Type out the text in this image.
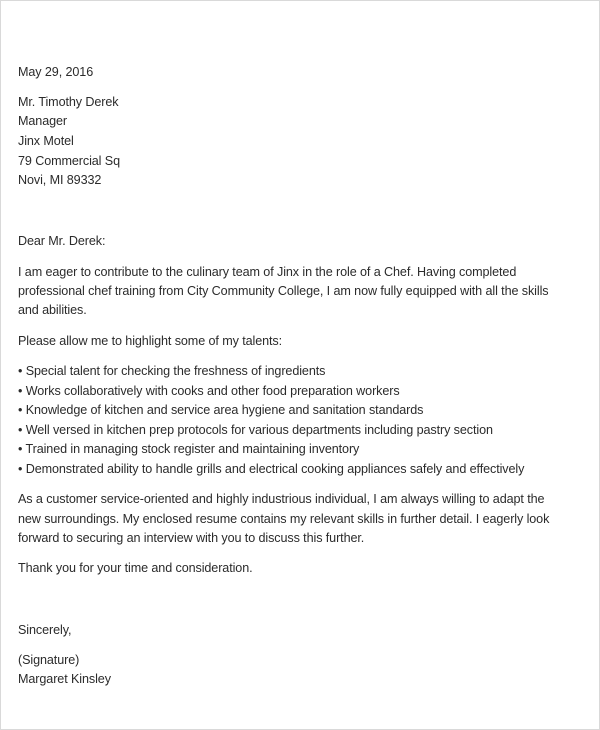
May 29, 2016
Mr. Timothy Derek
Manager
Jinx Motel
79 Commercial Sq
Novi, MI 89332
Dear Mr. Derek:
I am eager to contribute to the culinary team of Jinx in the role of a Chef. Having completed
professional chef training from City Community College, I am now fully equipped with all the skills
and abilities.
Please allow me to highlight some of my talents:
• Special talent for checking the freshness of ingredients
• Works collaboratively with cooks and other food preparation workers
• Knowledge of kitchen and service area hygiene and sanitation standards
• Well versed in kitchen prep protocols for various departments including pastry section
• Trained in managing stock register and maintaining inventory
• Demonstrated ability to handle grills and electrical cooking appliances safely and effectively
As a customer service-oriented and highly industrious individual, I am always willing to adapt the
new surroundings. My enclosed resume contains my relevant skills in further detail. I eagerly look
forward to securing an interview with you to discuss this further.
Thank you for your time and consideration.
Sincerely,
(Signature)
Margaret Kinsley
